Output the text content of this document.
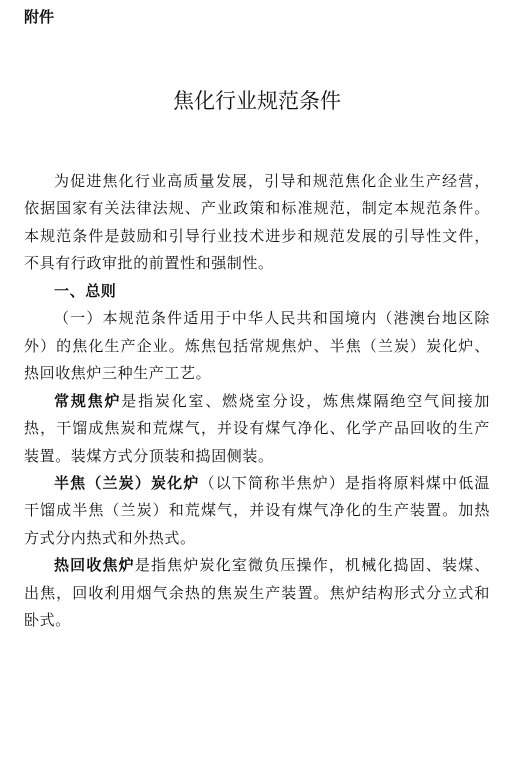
附件
焦化行业规范条件

为促进焦化行业高质量发展，引导和规范焦化企业生产经营，依据国家有关法律法规、产业政策和标准规范，制定本规范条件。本规范条件是鼓励和引导行业技术进步和规范发展的引导性文件，不具有行政审批的前置性和强制性。

一、总则

（一）本规范条件适用于中华人民共和国境内（港澳台地区除外）的焦化生产企业。炼焦包括常规焦炉、半焦（兰炭）炭化炉、热回收焦炉三种生产工艺。

常规焦炉是指炭化室、燃烧室分设，炼焦煤隔绝空气间接加热，干馏成焦炭和荒煤气，并设有煤气净化、化学产品回收的生产装置。装煤方式分顶装和捣固侧装。

半焦（兰炭）炭化炉（以下简称半焦炉）是指将原料煤中低温干馏成半焦（兰炭）和荒煤气，并设有煤气净化的生产装置。加热方式分内热式和外热式。

热回收焦炉是指焦炉炭化室微负压操作，机械化捣固、装煤、出焦，回收利用烟气余热的焦炭生产装置。焦炉结构形式分立式和卧式。
